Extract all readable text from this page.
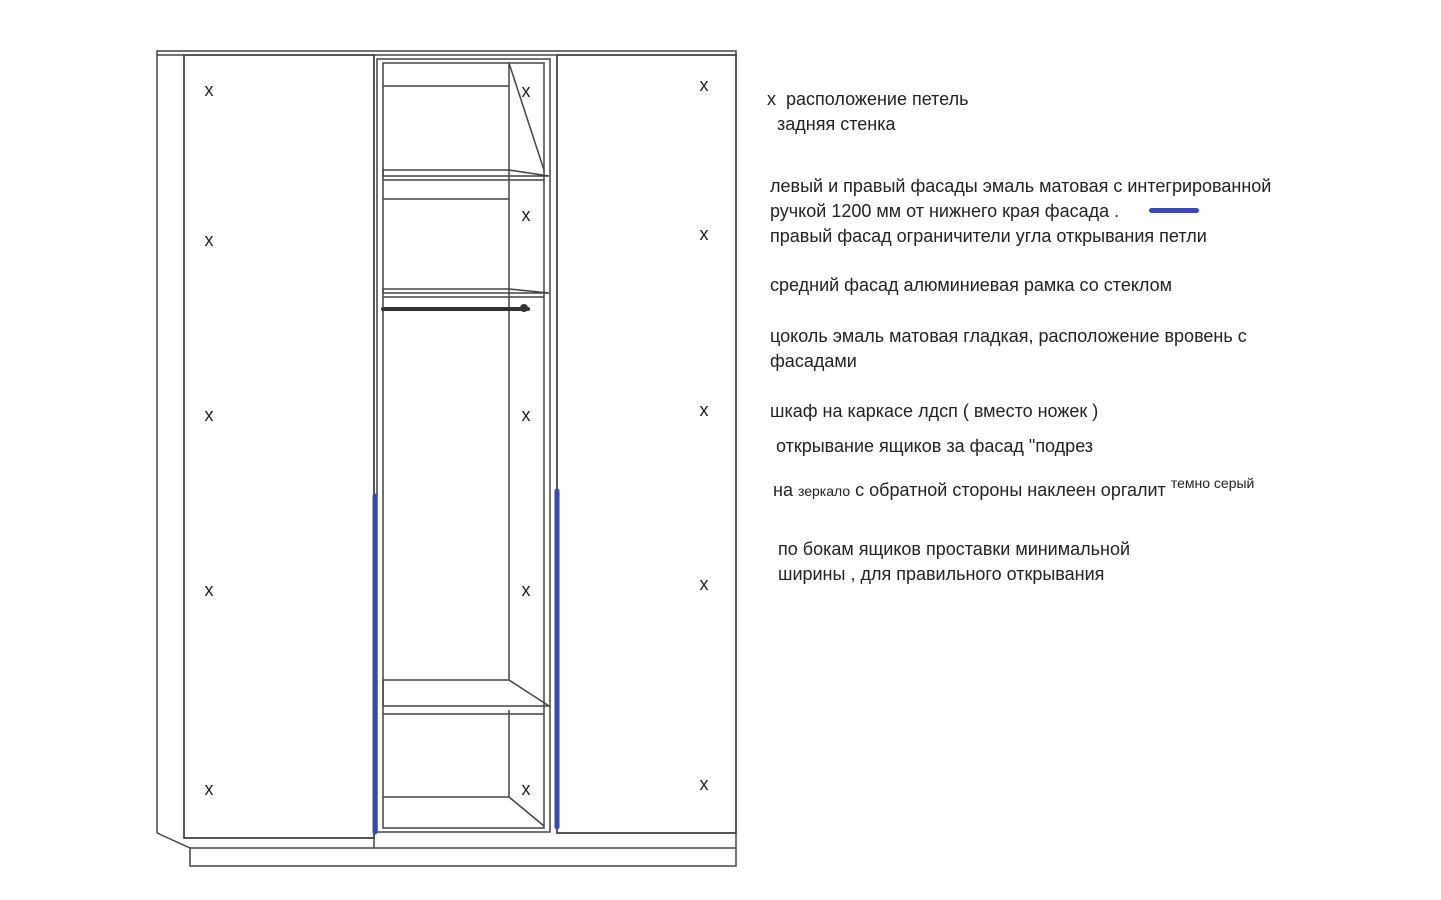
x
x
x
x
x
x
x
x
x
x
x
x
x
x
x
x расположение петель
задняя стенка
левый и правый фасады эмаль матовая с интегрированной
ручкой 1200 мм от нижнего края фасада .
правый фасад ограничители угла открывания петли
средний фасад алюминиевая рамка со стеклом
цоколь эмаль матовая гладкая, расположение вровень с
фасадами
шкаф на каркасе лдсп ( вместо ножек )
открывание ящиков за фасад "подрез
на зеркало с обратной стороны наклеен оргалит $^{темно серый}$
по бокам ящиков проставки минимальной
ширины , для правильного открывания
